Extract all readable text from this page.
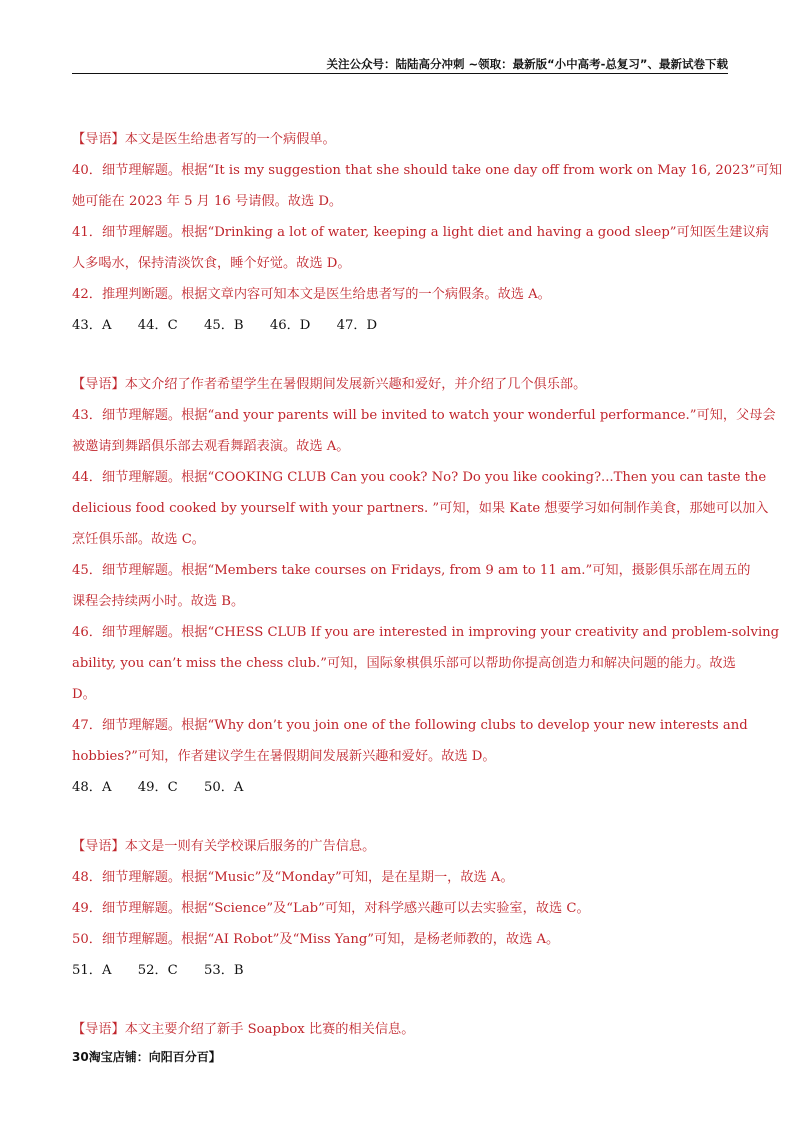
关注公众号：陆陆高分冲刺 ~领取：最新版“小中高考-总复习”、最新试卷下载
【导语】本文是医生给患者写的一个病假单。
40．细节理解题。根据“It is my suggestion that she should take one day off from work on May 16, 2023”可知
她可能在 2023 年 5 月 16 号请假。故选 D。
41．细节理解题。根据“Drinking a lot of water, keeping a light diet and having a good sleep”可知医生建议病
人多喝水，保持清淡饮食，睡个好觉。故选 D。
42．推理判断题。根据文章内容可知本文是医生给患者写的一个病假条。故选 A。
43．A 44．C 45．B 46．D 47．D
【导语】本文介绍了作者希望学生在暑假期间发展新兴趣和爱好，并介绍了几个俱乐部。
43．细节理解题。根据“and your parents will be invited to watch your wonderful performance.”可知，父母会
被邀请到舞蹈俱乐部去观看舞蹈表演。故选 A。
44．细节理解题。根据“COOKING CLUB Can you cook? No? Do you like cooking?...Then you can taste the
delicious food cooked by yourself with your partners. ”可知，如果 Kate 想要学习如何制作美食，那她可以加入
烹饪俱乐部。故选 C。
45．细节理解题。根据“Members take courses on Fridays, from 9 am to 11 am.”可知，摄影俱乐部在周五的
课程会持续两小时。故选 B。
46．细节理解题。根据“CHESS CLUB If you are interested in improving your creativity and problem-solving
ability, you can’t miss the chess club.”可知，国际象棋俱乐部可以帮助你提高创造力和解决问题的能力。故选
D。
47．细节理解题。根据“Why don’t you join one of the following clubs to develop your new interests and
hobbies?”可知，作者建议学生在暑假期间发展新兴趣和爱好。故选 D。
48．A 49．C 50．A
【导语】本文是一则有关学校课后服务的广告信息。
48．细节理解题。根据“Music”及“Monday”可知，是在星期一，故选 A。
49．细节理解题。根据“Science”及“Lab”可知，对科学感兴趣可以去实验室，故选 C。
50．细节理解题。根据“AI Robot”及“Miss Yang”可知，是杨老师教的，故选 A。
51．A 52．C 53．B
【导语】本文主要介绍了新手 Soapbox 比赛的相关信息。
30淘宝店铺：向阳百分百】
